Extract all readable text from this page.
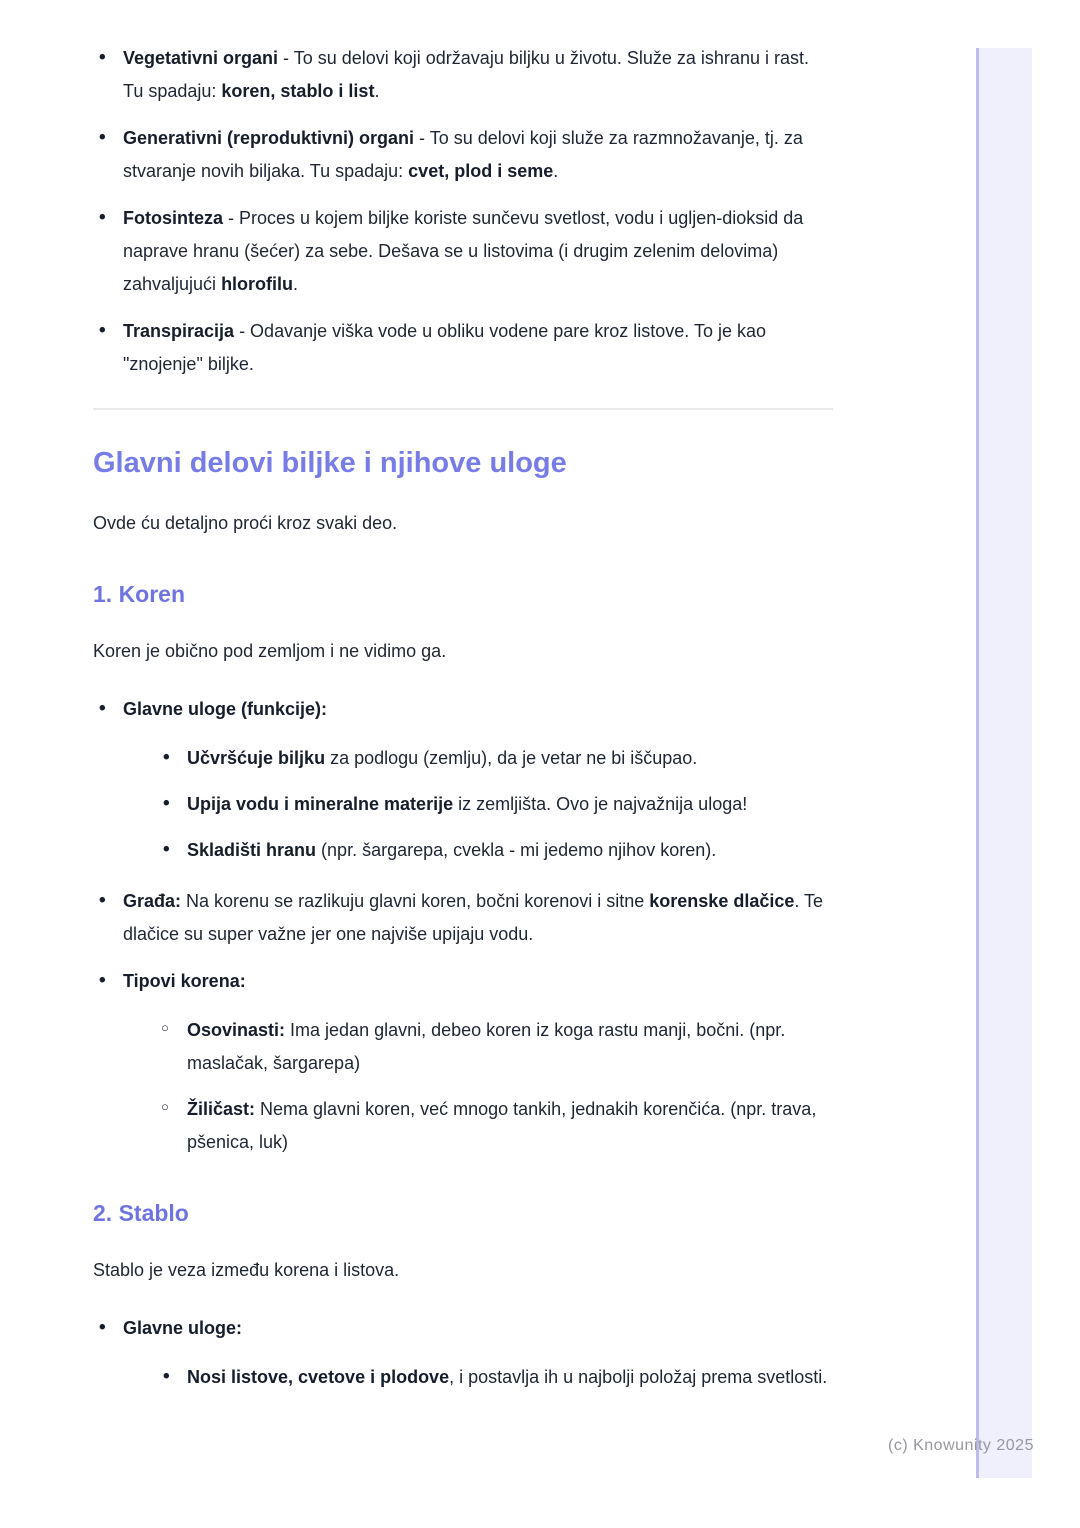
(c) Knowunity 2025
• Vegetativni organi - To su delovi koji održavaju biljku u životu. Služe za ishranu i rast. Tu spadaju: koren, stablo i list.
• Generativni (reproduktivni) organi - To su delovi koji služe za razmnožavanje, tj. za stvaranje novih biljaka. Tu spadaju: cvet, plod i seme.
• Fotosinteza - Proces u kojem biljke koriste sunčevu svetlost, vodu i ugljen-dioksid da naprave hranu (šećer) za sebe. Dešava se u listovima (i drugim zelenim delovima) zahvaljujući hlorofilu.
• Transpiracija - Odavanje viška vode u obliku vodene pare kroz listove. To je kao "znojenje" biljke.
Glavni delovi biljke i njihove uloge

Ovde ću detaljno proći kroz svaki deo.

1. Koren

Koren je obično pod zemljom i ne vidimo ga.

• Glavne uloge (funkcije):
• Učvršćuje biljku za podlogu (zemlju), da je vetar ne bi iščupao.
• Upija vodu i mineralne materije iz zemljišta. Ovo je najvažnija uloga!
• Skladišti hranu (npr. šargarepa, cvekla - mi jedemo njihov koren).
• Građa: Na korenu se razlikuju glavni koren, bočni korenovi i sitne korenske dlačice. Te dlačice su super važne jer one najviše upijaju vodu.
• Tipovi korena:
○ Osovinasti: Ima jedan glavni, debeo koren iz koga rastu manji, bočni. (npr. maslačak, šargarepa)
○ Žiličast: Nema glavni koren, već mnogo tankih, jednakih korenčića. (npr. trava, pšenica, luk)
2. Stablo

Stablo je veza između korena i listova.

• Glavne uloge:
• Nosi listove, cvetove i plodove, i postavlja ih u najbolji položaj prema svetlosti.
